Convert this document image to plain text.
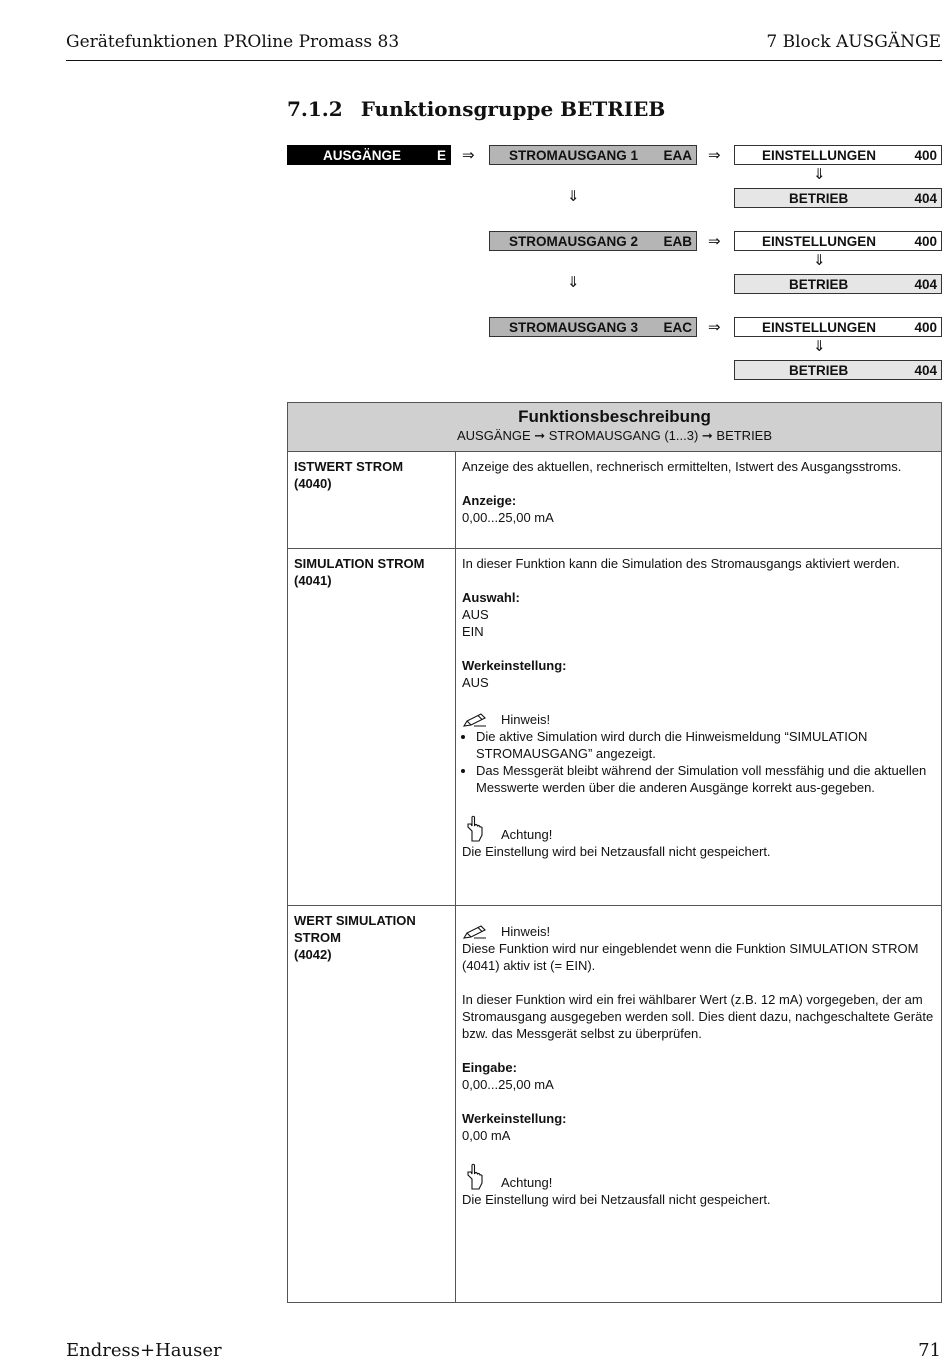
Gerätefunktionen PROline Promass 83	7 Block AUSGÄNGE
7.1.2 Funktionsgruppe BETRIEB
AUSGÄNGE	E	⇒	STROMAUSGANG 1	EAA ⇒	EINSTELLUNGEN	400
⇓
BETRIEB	404
⇓
STROMAUSGANG 2	EAB ⇒	EINSTELLUNGEN	400
⇓
BETRIEB	404
⇓
STROMAUSGANG 3	EAC ⇒	EINSTELLUNGEN	400
⇓
BETRIEB	404
Funktionsbeschreibung
AUSGÄNGE ➞ STROMAUSGANG (1...3) ➞ BETRIEB
ISTWERT STROM
(4040)

Anzeige des aktuellen, rechnerisch ermittelten, Istwert des Ausgangsstroms.

Anzeige:

0,00...25,00 mA

SIMULATION STROM
(4041)

In dieser Funktion kann die Simulation des Stromausgangs aktiviert werden.

Auswahl:

AUS

EIN

Werkeinstellung:

AUS

Hinweis!
• Die aktive Simulation wird durch die Hinweismeldung “SIMULATION STROMAUSGANG” angezeigt.
• Das Messgerät bleibt während der Simulation voll messfähig und die aktuellen Messwerte werden über die anderen Ausgänge korrekt aus-gegeben.
Achtung!

Die Einstellung wird bei Netzausfall nicht gespeichert.

WERT SIMULATION
STROM
(4042)
Hinweis!

Diese Funktion wird nur eingeblendet wenn die Funktion SIMULATION STROM (4041) aktiv ist (= EIN).

In dieser Funktion wird ein frei wählbarer Wert (z.B. 12 mA) vorgegeben, der am Stromausgang ausgegeben werden soll. Dies dient dazu, nachgeschaltete Geräte bzw. das Messgerät selbst zu überprüfen.

Eingabe:

0,00...25,00 mA

Werkeinstellung:

0,00 mA

Achtung!

Die Einstellung wird bei Netzausfall nicht gespeichert.

Endress+Hauser	71
